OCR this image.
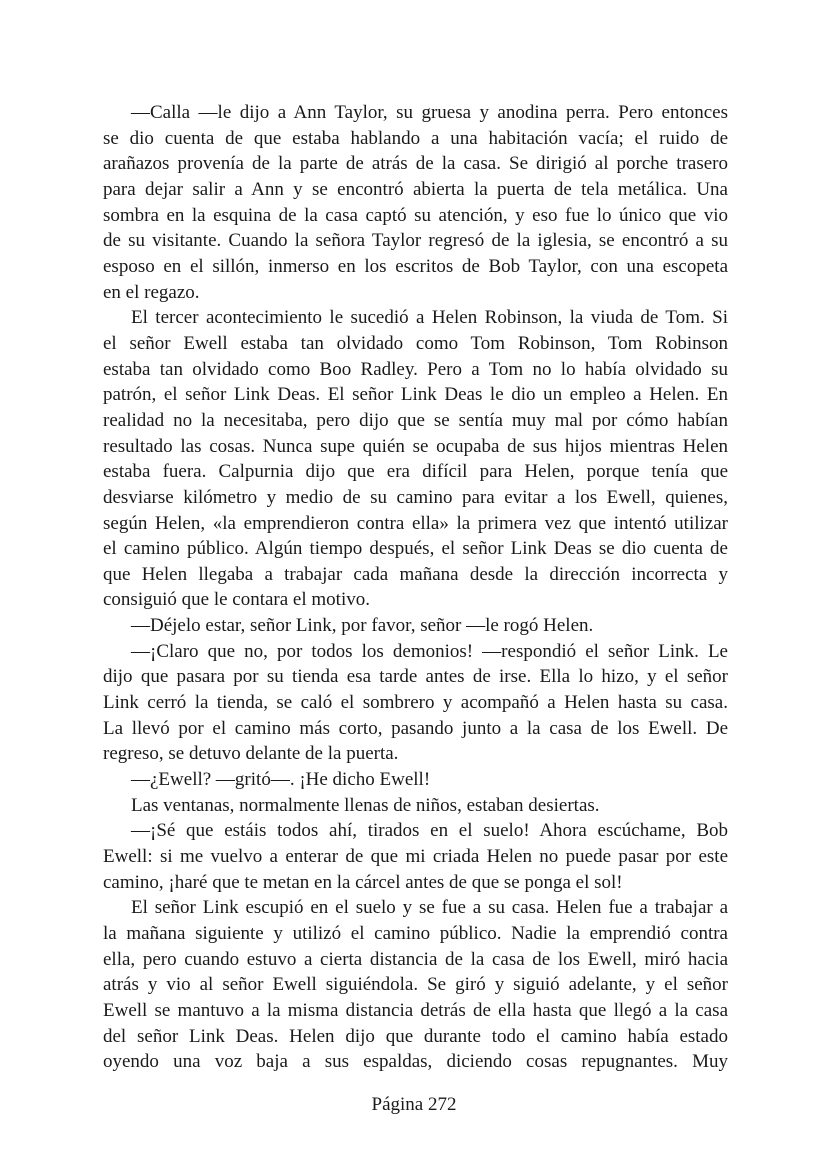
—Calla —le dijo a Ann Taylor, su gruesa y anodina perra. Pero entonces
se dio cuenta de que estaba hablando a una habitación vacía; el ruido de
arañazos provenía de la parte de atrás de la casa. Se dirigió al porche trasero
para dejar salir a Ann y se encontró abierta la puerta de tela metálica. Una
sombra en la esquina de la casa captó su atención, y eso fue lo único que vio
de su visitante. Cuando la señora Taylor regresó de la iglesia, se encontró a su
esposo en el sillón, inmerso en los escritos de Bob Taylor, con una escopeta
en el regazo.
El tercer acontecimiento le sucedió a Helen Robinson, la viuda de Tom. Si
el señor Ewell estaba tan olvidado como Tom Robinson, Tom Robinson
estaba tan olvidado como Boo Radley. Pero a Tom no lo había olvidado su
patrón, el señor Link Deas. El señor Link Deas le dio un empleo a Helen. En
realidad no la necesitaba, pero dijo que se sentía muy mal por cómo habían
resultado las cosas. Nunca supe quién se ocupaba de sus hijos mientras Helen
estaba fuera. Calpurnia dijo que era difícil para Helen, porque tenía que
desviarse kilómetro y medio de su camino para evitar a los Ewell, quienes,
según Helen, «la emprendieron contra ella» la primera vez que intentó utilizar
el camino público. Algún tiempo después, el señor Link Deas se dio cuenta de
que Helen llegaba a trabajar cada mañana desde la dirección incorrecta y
consiguió que le contara el motivo.
—Déjelo estar, señor Link, por favor, señor —le rogó Helen.
—¡Claro que no, por todos los demonios! —respondió el señor Link. Le
dijo que pasara por su tienda esa tarde antes de irse. Ella lo hizo, y el señor
Link cerró la tienda, se caló el sombrero y acompañó a Helen hasta su casa.
La llevó por el camino más corto, pasando junto a la casa de los Ewell. De
regreso, se detuvo delante de la puerta.
—¿Ewell? —gritó—. ¡He dicho Ewell!
Las ventanas, normalmente llenas de niños, estaban desiertas.
—¡Sé que estáis todos ahí, tirados en el suelo! Ahora escúchame, Bob
Ewell: si me vuelvo a enterar de que mi criada Helen no puede pasar por este
camino, ¡haré que te metan en la cárcel antes de que se ponga el sol!
El señor Link escupió en el suelo y se fue a su casa. Helen fue a trabajar a
la mañana siguiente y utilizó el camino público. Nadie la emprendió contra
ella, pero cuando estuvo a cierta distancia de la casa de los Ewell, miró hacia
atrás y vio al señor Ewell siguiéndola. Se giró y siguió adelante, y el señor
Ewell se mantuvo a la misma distancia detrás de ella hasta que llegó a la casa
del señor Link Deas. Helen dijo que durante todo el camino había estado
oyendo una voz baja a sus espaldas, diciendo cosas repugnantes. Muy
Página 272
